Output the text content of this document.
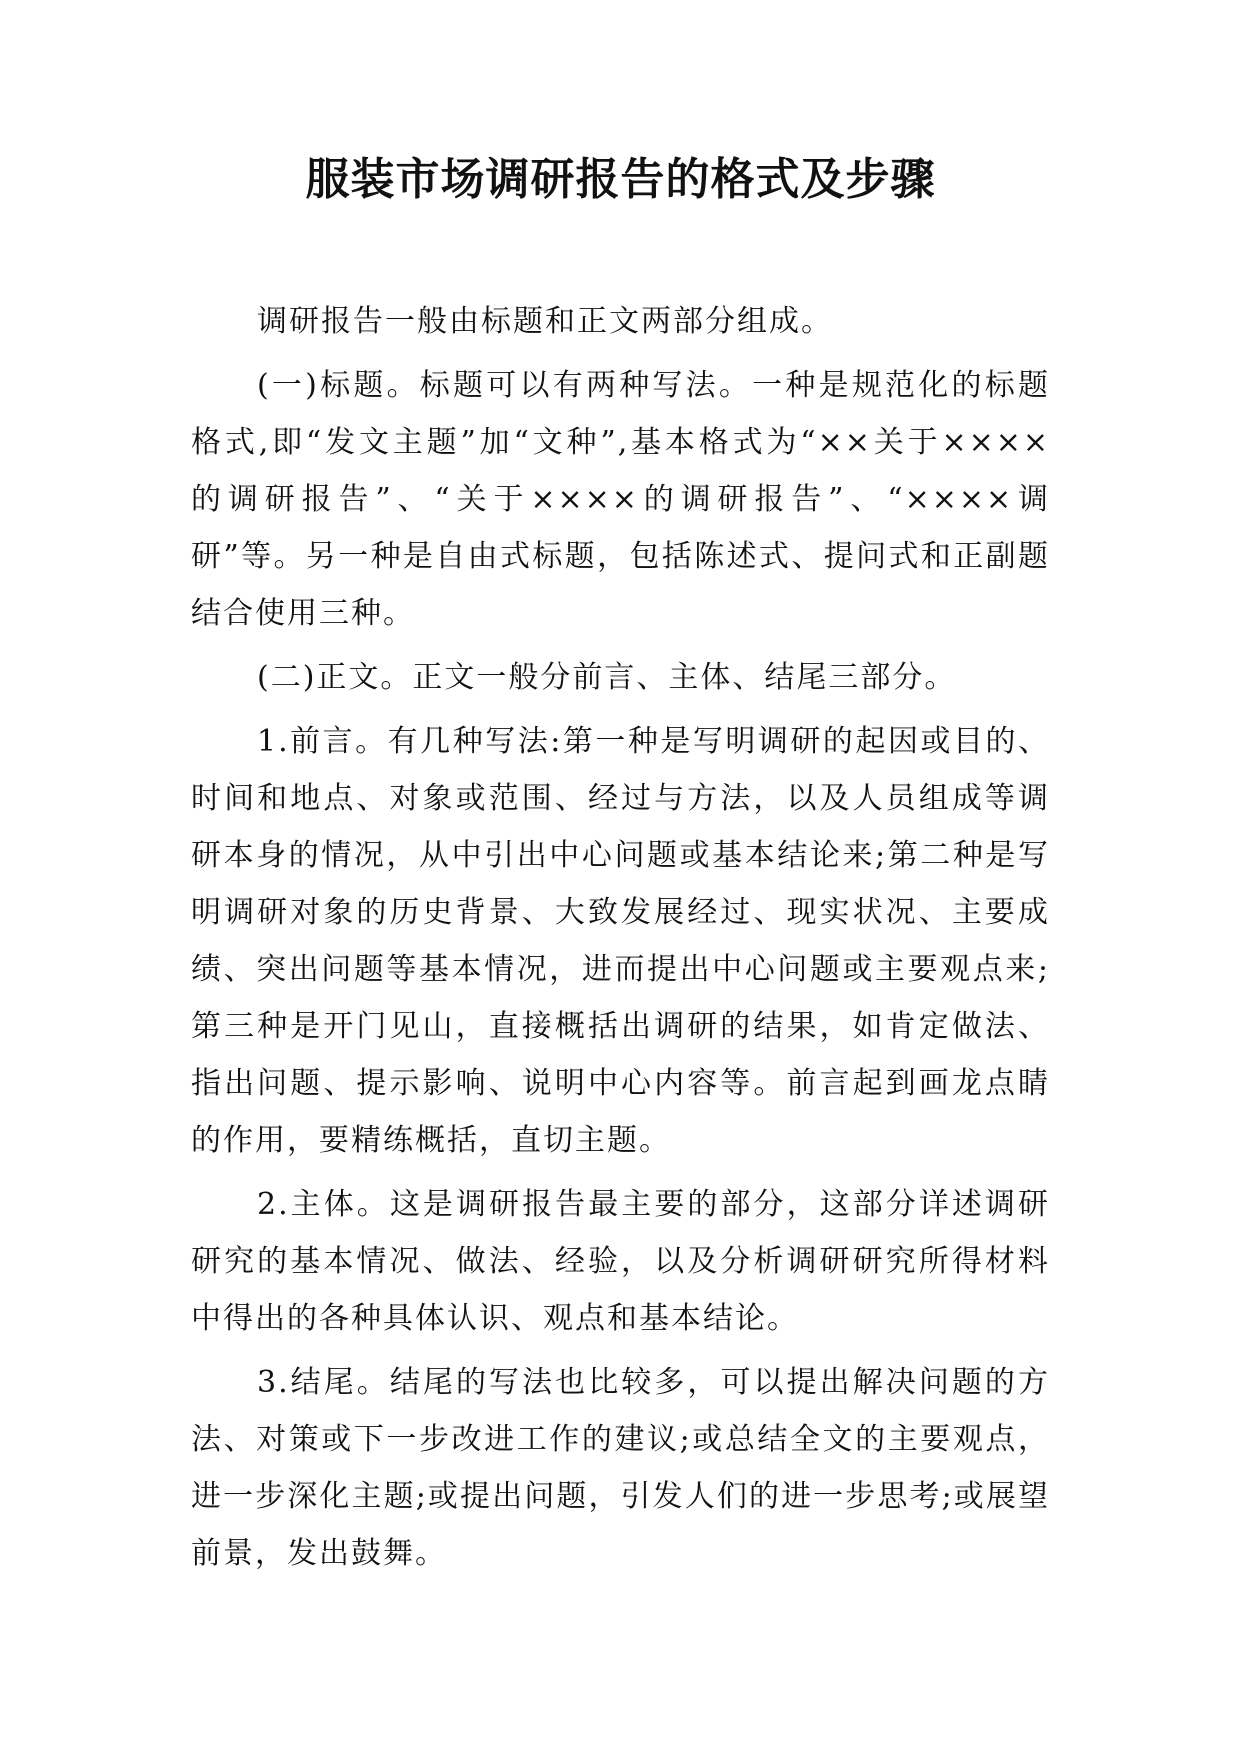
服装市场调研报告的格式及步骤

调研报告一般由标题和正文两部分组成。

(一)标题。标题可以有两种写法。一种是规范化的标题格式,即“发文主题”加“文种”,基本格式为“××关于×××× 的调研报告”、“关于××××的调研报告”、“××××调研”等。另一种是自由式标题，包括陈述式、提问式和正副题结合使用三种。

(二)正文。正文一般分前言、主体、结尾三部分。

1.前言。有几种写法:第一种是写明调研的起因或目的、时间和地点、对象或范围、经过与方法，以及人员组成等调研本身的情况，从中引出中心问题或基本结论来;第二种是写明调研对象的历史背景、大致发展经过、现实状况、主要成绩、突出问题等基本情况，进而提出中心问题或主要观点来;第三种是开门见山，直接概括出调研的结果，如肯定做法、指出问题、提示影响、说明中心内容等。前言起到画龙点睛的作用，要精练概括，直切主题。

2.主体。这是调研报告最主要的部分，这部分详述调研研究的基本情况、做法、经验，以及分析调研研究所得材料中得出的各种具体认识、观点和基本结论。

3.结尾。结尾的写法也比较多，可以提出解决问题的方法、对策或下一步改进工作的建议;或总结全文的主要观点，进一步深化主题;或提出问题，引发人们的进一步思考;或展望前景，发出鼓舞。
